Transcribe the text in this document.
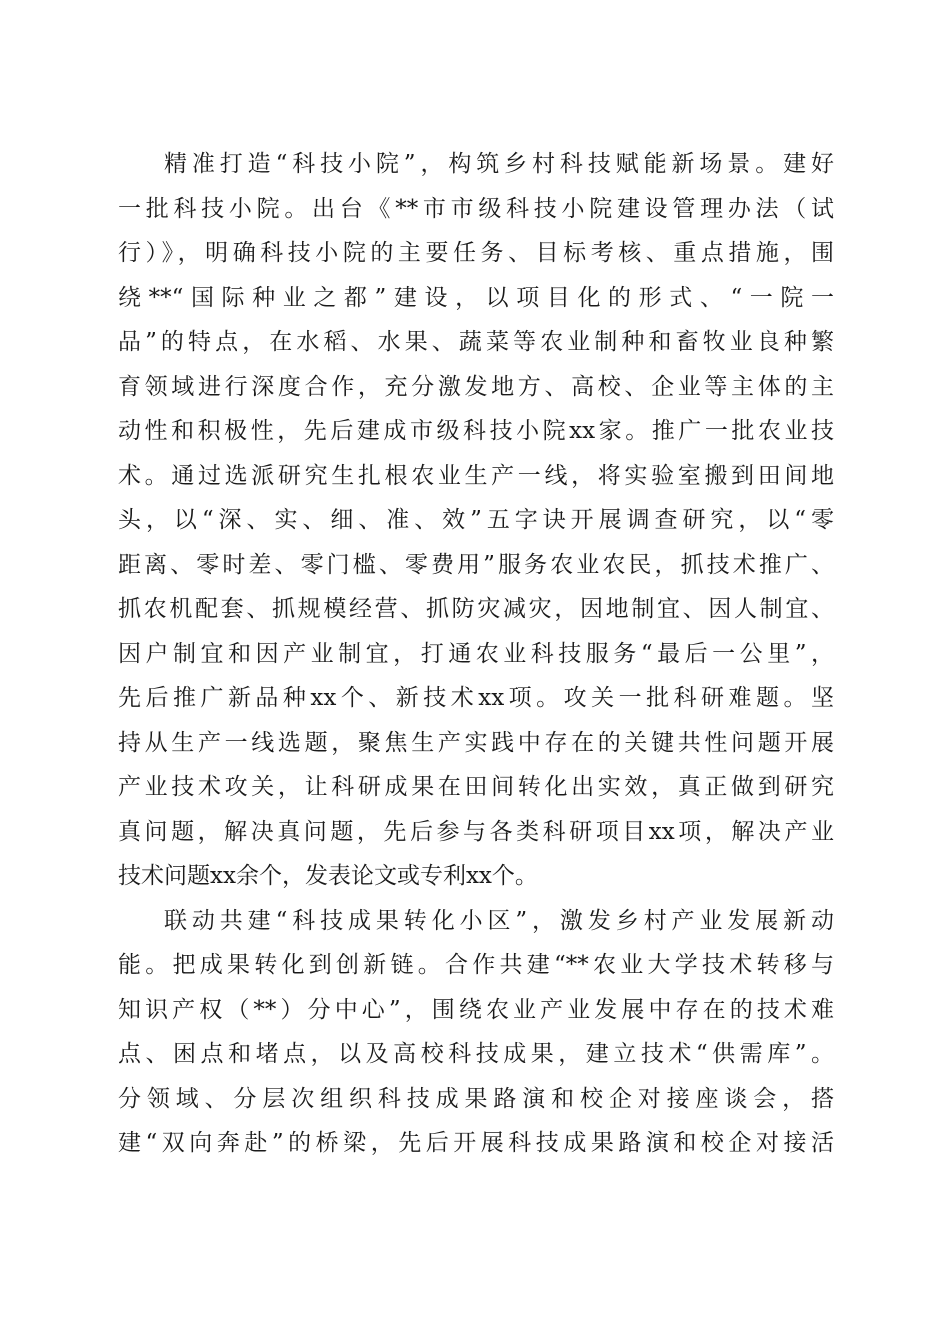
精准打造“科技小院”，构筑乡村科技赋能新场景。建好
一批科技小院。出台《**市市级科技小院建设管理办法（试
行）》，明确科技小院的主要任务、目标考核、重点措施，围
绕**“国际种业之都”建设，以项目化的形式、“一院一
品”的特点，在水稻、水果、蔬菜等农业制种和畜牧业良种繁
育领域进行深度合作，充分激发地方、高校、企业等主体的主
动性和积极性，先后建成市级科技小院xx家。推广一批农业技
术。通过选派研究生扎根农业生产一线，将实验室搬到田间地
头，以“深、实、细、准、效”五字诀开展调查研究，以“零
距离、零时差、零门槛、零费用”服务农业农民，抓技术推广、
抓农机配套、抓规模经营、抓防灾减灾，因地制宜、因人制宜、
因户制宜和因产业制宜，打通农业科技服务“最后一公里”，
先后推广新品种xx个、新技术xx项。攻关一批科研难题。坚
持从生产一线选题，聚焦生产实践中存在的关键共性问题开展
产业技术攻关，让科研成果在田间转化出实效，真正做到研究
真问题，解决真问题，先后参与各类科研项目xx项，解决产业
技术问题xx余个，发表论文或专利xx个。
联动共建“科技成果转化小区”，激发乡村产业发展新动
能。把成果转化到创新链。合作共建“**农业大学技术转移与
知识产权（**）分中心”，围绕农业产业发展中存在的技术难
点、困点和堵点，以及高校科技成果，建立技术“供需库”。
分领域、分层次组织科技成果路演和校企对接座谈会，搭
建“双向奔赴”的桥梁，先后开展科技成果路演和校企对接活
